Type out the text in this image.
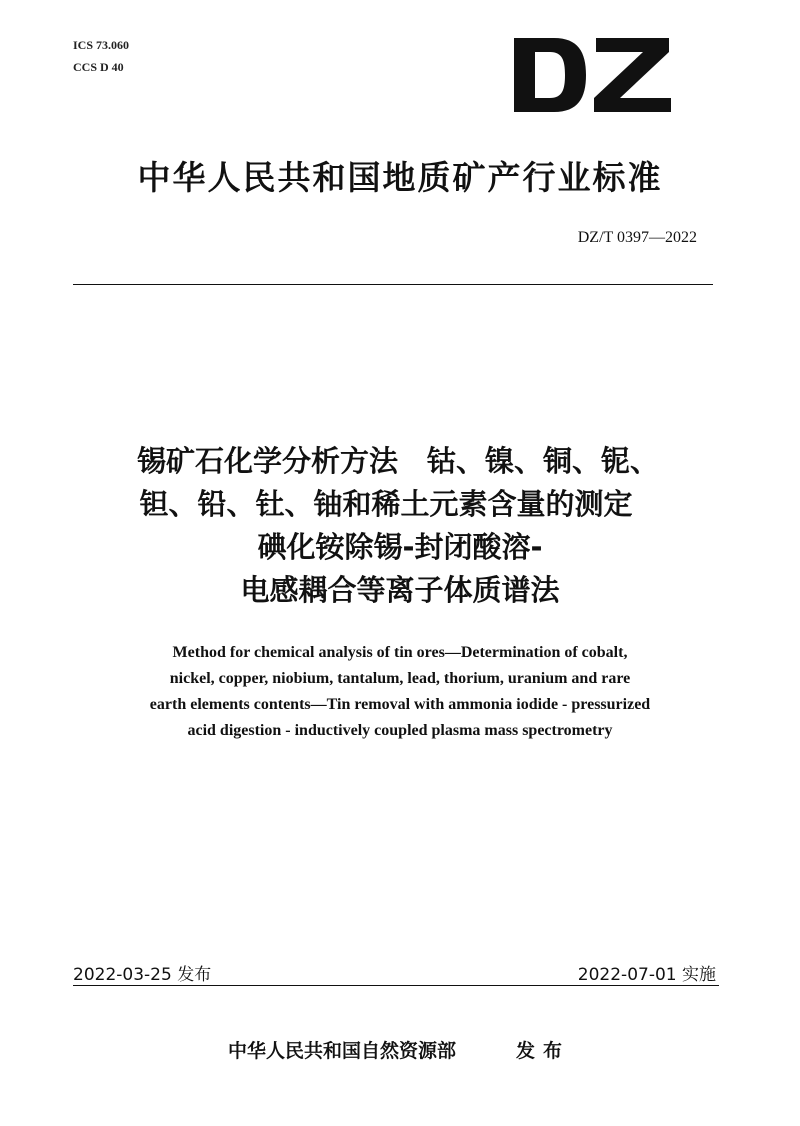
ICS 73.060
CCS D 40
中华人民共和国地质矿产行业标准
DZ/T 0397—2022
锡矿石化学分析方法　钴、镍、铜、铌、
钽、铅、钍、铀和稀土元素含量的测定
碘化铵除锡-封闭酸溶-
电感耦合等离子体质谱法
Method for chemical analysis of tin ores—Determination of cobalt,
nickel, copper, niobium, tantalum, lead, thorium, uranium and rare
earth elements contents—Tin removal with ammonia iodide - pressurized
acid digestion - inductively coupled plasma mass spectrometry
2022-03-25 发布	2022-07-01 实施
中华人民共和国自然资源部	发布
